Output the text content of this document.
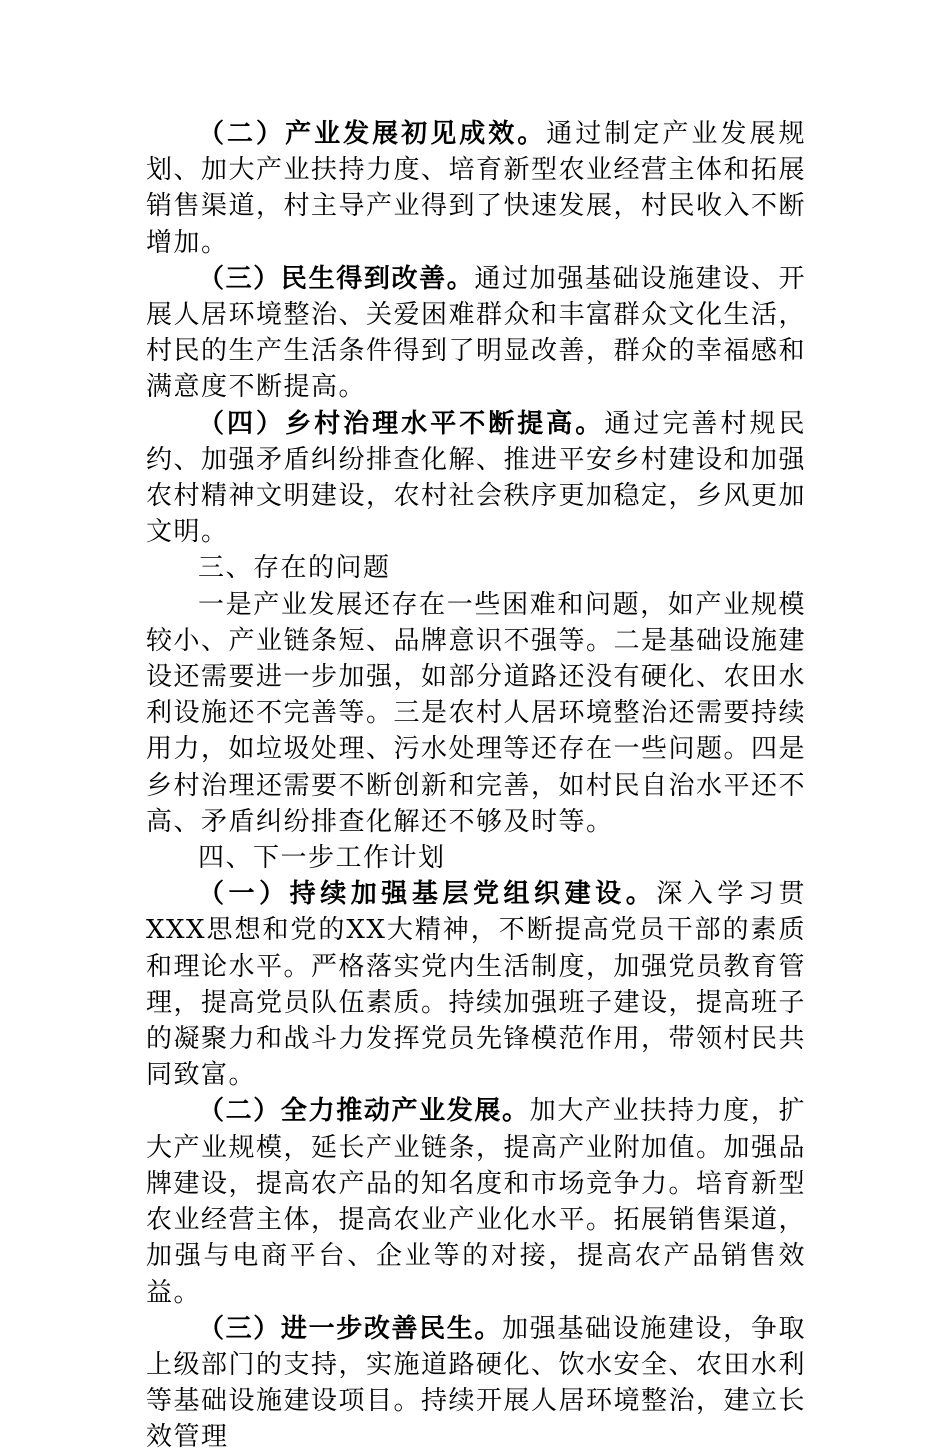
（二）产业发展初见成效。通过制定产业发展规划、加大产业扶持力度、培育新型农业经营主体和拓展销售渠道，村主导产业得到了快速发展，村民收入不断增加。

（三）民生得到改善。通过加强基础设施建设、开展人居环境整治、关爱困难群众和丰富群众文化生活，村民的生产生活条件得到了明显改善，群众的幸福感和满意度不断提高。

（四）乡村治理水平不断提高。通过完善村规民约、加强矛盾纠纷排查化解、推进平安乡村建设和加强农村精神文明建设，农村社会秩序更加稳定，乡风更加文明。

三、存在的问题

一是产业发展还存在一些困难和问题，如产业规模较小、产业链条短、品牌意识不强等。二是基础设施建设还需要进一步加强，如部分道路还没有硬化、农田水利设施还不完善等。三是农村人居环境整治还需要持续用力，如垃圾处理、污水处理等还存在一些问题。四是乡村治理还需要不断创新和完善，如村民自治水平还不高、矛盾纠纷排查化解还不够及时等。

四、下一步工作计划

（一）持续加强基层党组织建设。深入学习贯XXX思想和党的XX大精神，不断提高党员干部的素质和理论水平。严格落实党内生活制度，加强党员教育管理，提高党员队伍素质。持续加强班子建设，提高班子的凝聚力和战斗力发挥党员先锋模范作用，带领村民共同致富。

（二）全力推动产业发展。加大产业扶持力度，扩大产业规模，延长产业链条，提高产业附加值。加强品牌建设，提高农产品的知名度和市场竞争力。培育新型农业经营主体，提高农业产业化水平。拓展销售渠道，加强与电商平台、企业等的对接，提高农产品销售效益。

（三）进一步改善民生。加强基础设施建设，争取上级部门的支持，实施道路硬化、饮水安全、农田水利等基础设施建设项目。持续开展人居环境整治，建立长效管理
